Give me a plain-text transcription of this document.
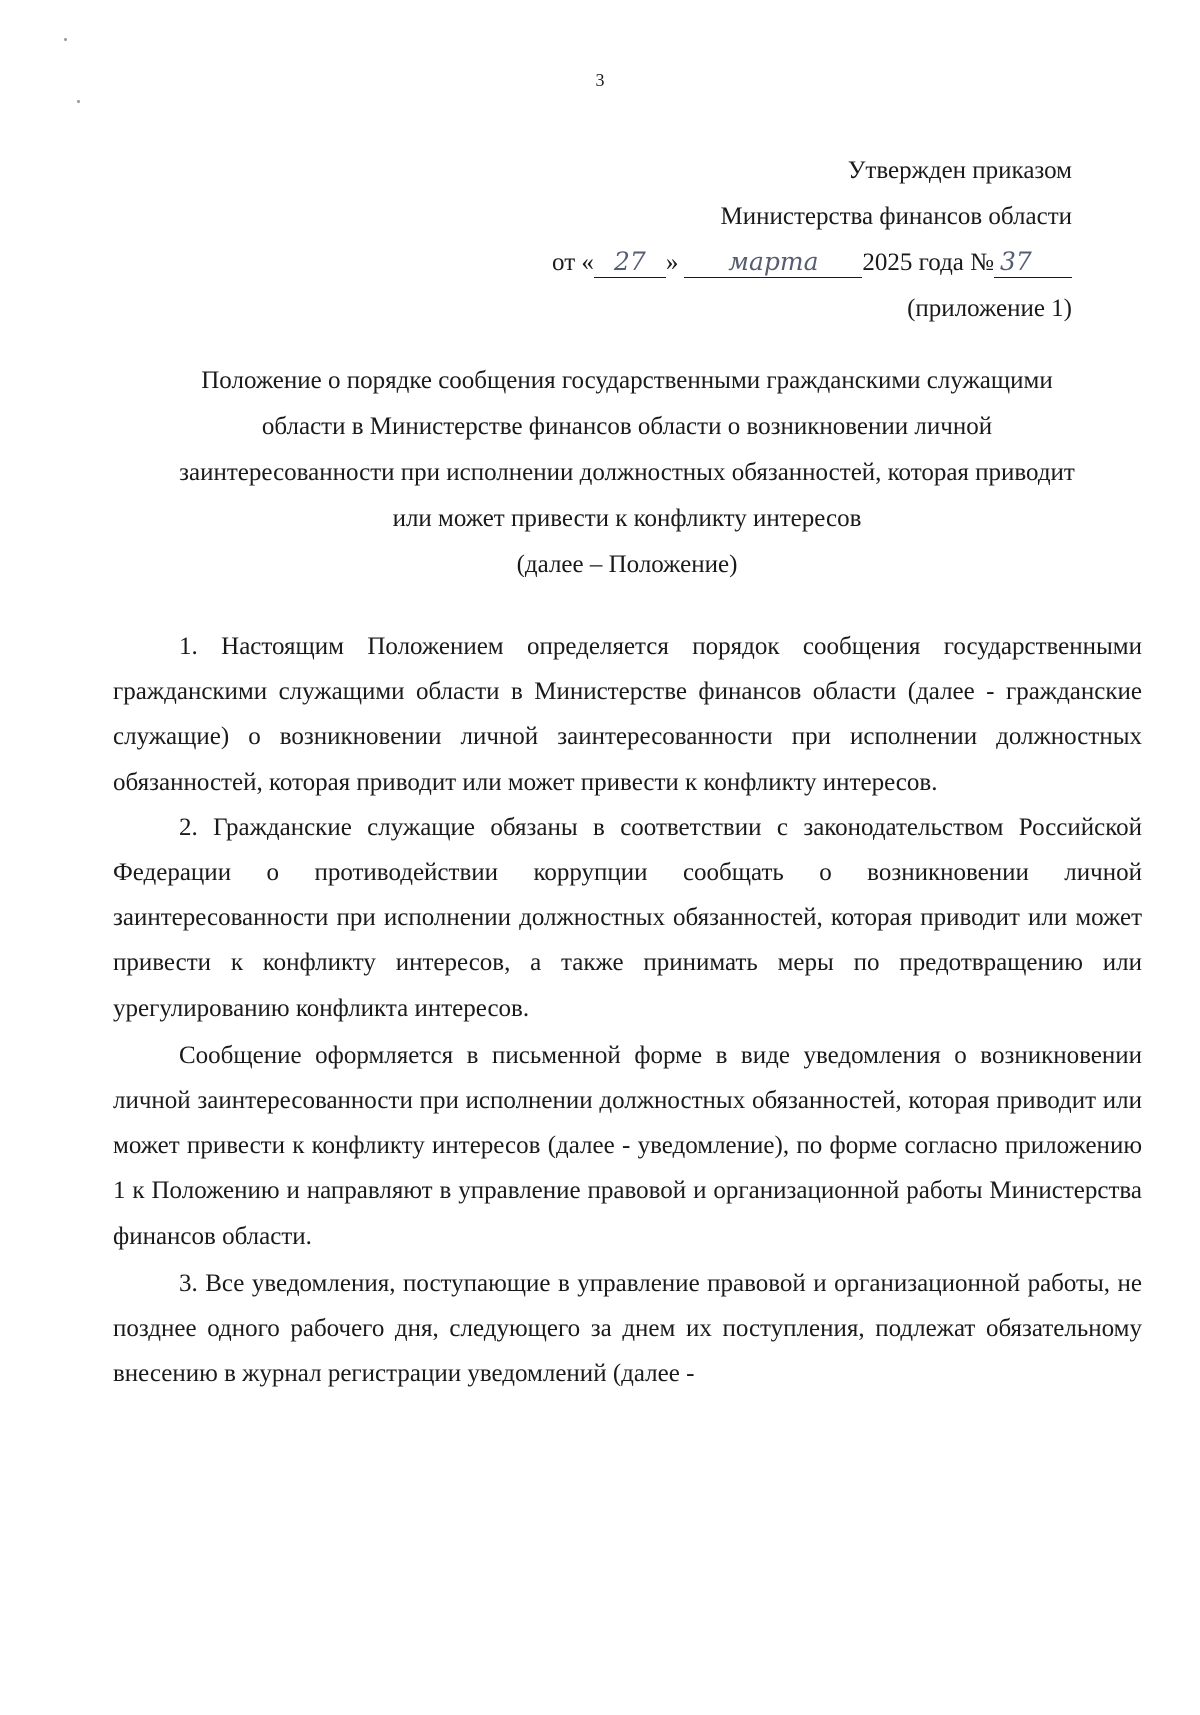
3
Утвержден приказом
Министерства финансов области
от « 27 » марта 2025 года № 37
(приложение 1)
Положение о порядке сообщения государственными гражданскими служащими
области в Министерстве финансов области о возникновении личной
заинтересованности при исполнении должностных обязанностей, которая приводит
или может привести к конфликту интересов
(далее – Положение)

1. Настоящим Положением определяется порядок сообщения государственными гражданскими служащими области в Министерстве финансов области (далее - гражданские служащие) о возникновении личной заинтересованности при исполнении должностных обязанностей, которая приводит или может привести к конфликту интересов.

2. Гражданские служащие обязаны в соответствии с законодательством Российской Федерации о противодействии коррупции сообщать о возникновении личной заинтересованности при исполнении должностных обязанностей, которая приводит или может привести к конфликту интересов, а также принимать меры по предотвращению или урегулированию конфликта интересов.

Сообщение оформляется в письменной форме в виде уведомления о возникновении личной заинтересованности при исполнении должностных обязанностей, которая приводит или может привести к конфликту интересов (далее - уведомление), по форме согласно приложению 1 к Положению и направляют в управление правовой и организационной работы Министерства финансов области.

3. Все уведомления, поступающие в управление правовой и организационной работы, не позднее одного рабочего дня, следующего за днем их поступления, подлежат обязательному внесению в журнал регистрации уведомлений (далее -
